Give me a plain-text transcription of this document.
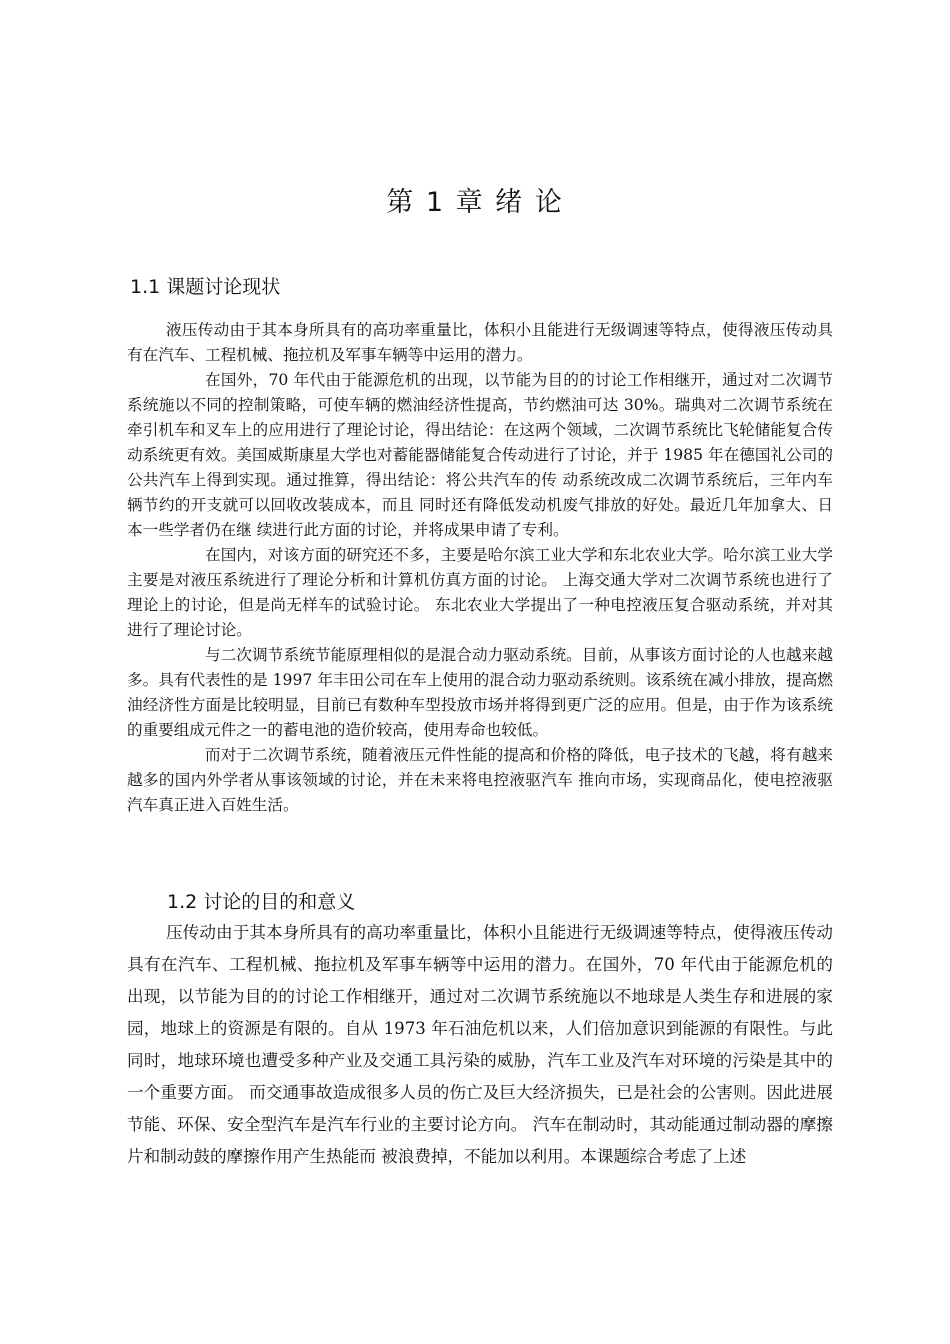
第 1 章 绪 论
1.1 课题讨论现状

液压传动由于其本身所具有的高功率重量比，体积小且能进行无级调速等特点，使得液压传动具有在汽车、工程机械、拖拉机及军事车辆等中运用的潜力。

在国外，70 年代由于能源危机的出现，以节能为目的的讨论工作相继开，通过对二次调节系统施以不同的控制策略，可使车辆的燃油经济性提高，节约燃油可达 30%。瑞典对二次调节系统在牵引机车和叉车上的应用进行了理论讨论，得出结论：在这两个领域，二次调节系统比飞轮储能复合传动系统更有效。美国威斯康星大学也对蓄能器储能复合传动进行了讨论，并于 1985 年在德国礼公司的公共汽车上得到实现。通过推算，得出结论：将公共汽车的传 动系统改成二次调节系统后，三年内车辆节约的开支就可以回收改装成本，而且 同时还有降低发动机废气排放的好处。最近几年加拿大、日本一些学者仍在继 续进行此方面的讨论，并将成果申请了专利。

在国内，对该方面的研究还不多，主要是哈尔滨工业大学和东北农业大学。哈尔滨工业大学主要是对液压系统进行了理论分析和计算机仿真方面的讨论。 上海交通大学对二次调节系统也进行了理论上的讨论，但是尚无样车的试验讨论。 东北农业大学提出了一种电控液压复合驱动系统，并对其进行了理论讨论。

与二次调节系统节能原理相似的是混合动力驱动系统。目前，从事该方面讨论的人也越来越多。具有代表性的是 1997 年丰田公司在车上使用的混合动力驱动系统则。该系统在减小排放，提高燃油经济性方面是比较明显，目前已有数种车型投放市场并将得到更广泛的应用。但是，由于作为该系统的重要组成元件之一的蓄电池的造价较高，使用寿命也较低。

而对于二次调节系统，随着液压元件性能的提高和价格的降低，电子技术的飞越，将有越来越多的国内外学者从事该领域的讨论，并在未来将电控液驱汽车 推向市场，实现商品化，使电控液驱汽车真正进入百姓生活。

1.2 讨论的目的和意义

压传动由于其本身所具有的高功率重量比，体积小且能进行无级调速等特点，使得液压传动具有在汽车、工程机械、拖拉机及军事车辆等中运用的潜力。在国外，70 年代由于能源危机的出现，以节能为目的的讨论工作相继开，通过对二次调节系统施以不地球是人类生存和进展的家园，地球上的资源是有限的。自从 1973 年石油危机以来，人们倍加意识到能源的有限性。与此同时，地球环境也遭受多种产业及交通工具污染的威胁，汽车工业及汽车对环境的污染是其中的一个重要方面。 而交通事故造成很多人员的伤亡及巨大经济损失，已是社会的公害则。因此进展节能、环保、安全型汽车是汽车行业的主要讨论方向。 汽车在制动时，其动能通过制动器的摩擦片和制动鼓的摩擦作用产生热能而 被浪费掉，不能加以利用。本课题综合考虑了上述
